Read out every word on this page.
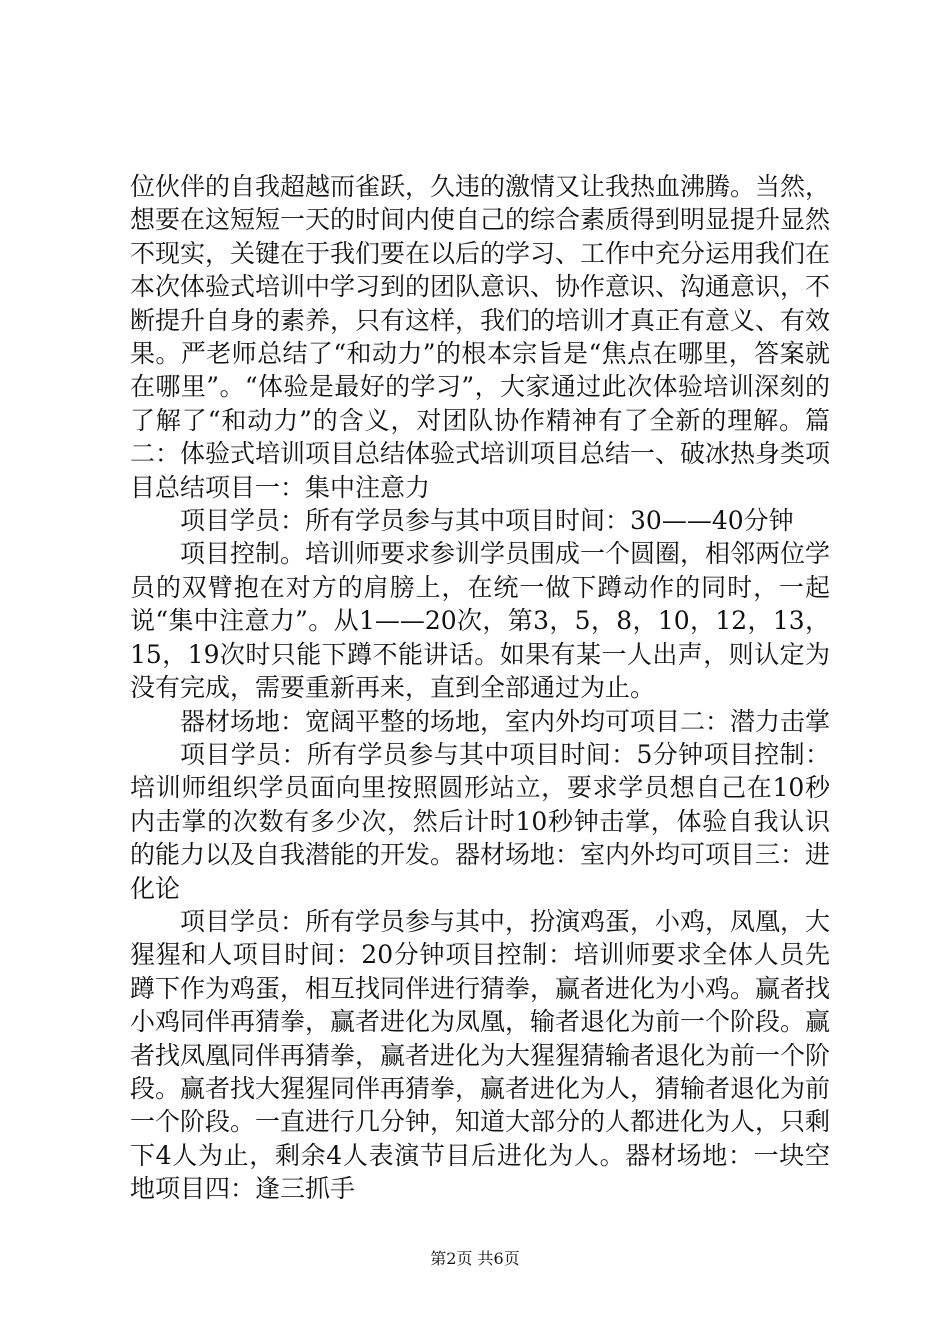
位伙伴的自我超越而雀跃，久违的激情又让我热血沸腾。当然，想要在这短短一天的时间内使自己的综合素质得到明显提升显然不现实，关键在于我们要在以后的学习、工作中充分运用我们在本次体验式培训中学习到的团队意识、协作意识、沟通意识，不断提升自身的素养，只有这样，我们的培训才真正有意义、有效果。严老师总结了“和动力”的根本宗旨是“焦点在哪里，答案就在哪里”。“体验是最好的学习”，大家通过此次体验培训深刻的了解了“和动力”的含义，对团队协作精神有了全新的理解。篇二：体验式培训项目总结体验式培训项目总结一、破冰热身类项目总结项目一：集中注意力

项目学员：所有学员参与其中项目时间：30——40分钟

项目控制。培训师要求参训学员围成一个圆圈，相邻两位学员的双臂抱在对方的肩膀上，在统一做下蹲动作的同时，一起说“集中注意力”。从1——20次，第3，5，8，10，12，13，15，19次时只能下蹲不能讲话。如果有某一人出声，则认定为没有完成，需要重新再来，直到全部通过为止。

器材场地：宽阔平整的场地，室内外均可项目二：潜力击掌

项目学员：所有学员参与其中项目时间：5分钟项目控制：培训师组织学员面向里按照圆形站立，要求学员想自己在10秒内击掌的次数有多少次，然后计时10秒钟击掌，体验自我认识的能力以及自我潜能的开发。器材场地：室内外均可项目三：进化论

项目学员：所有学员参与其中，扮演鸡蛋，小鸡，凤凰，大猩猩和人项目时间：20分钟项目控制：培训师要求全体人员先蹲下作为鸡蛋，相互找同伴进行猜拳，赢者进化为小鸡。赢者找小鸡同伴再猜拳，赢者进化为凤凰，输者退化为前一个阶段。赢者找凤凰同伴再猜拳，赢者进化为大猩猩猜输者退化为前一个阶段。赢者找大猩猩同伴再猜拳，赢者进化为人，猜输者退化为前一个阶段。一直进行几分钟，知道大部分的人都进化为人，只剩下4人为止，剩余4人表演节目后进化为人。器材场地：一块空地项目四：逢三抓手

第2页 共6页
